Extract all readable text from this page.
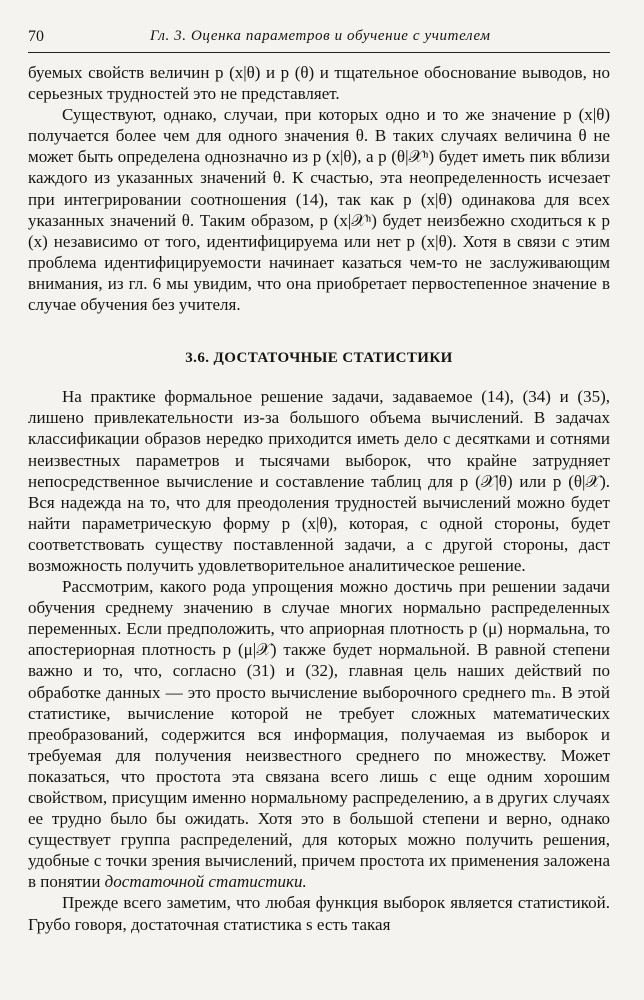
70	Гл. 3. Оценка параметров и обучение с учителем

буемых свойств величин p (x|θ) и p (θ) и тщательное обоснование выводов, но серьезных трудностей это не представляет.

Существуют, однако, случаи, при которых одно и то же значение p (x|θ) получается более чем для одного значения θ. В таких случаях величина θ не может быть определена однозначно из p (x|θ), а p (θ|𝒳ⁿ) будет иметь пик вблизи каждого из указанных значений θ. К счастью, эта неопределенность исчезает при интегрировании соотношения (14), так как p (x|θ) одинакова для всех указанных значений θ. Таким образом, p (x|𝒳ⁿ) будет неизбежно сходиться к p (x) независимо от того, идентифицируема или нет p (x|θ). Хотя в связи с этим проблема идентифицируемости начинает казаться чем-то не заслуживающим внимания, из гл. 6 мы увидим, что она приобретает первостепенное значение в случае обучения без учителя.

3.6. ДОСТАТОЧНЫЕ СТАТИСТИКИ

На практике формальное решение задачи, задаваемое (14), (34) и (35), лишено привлекательности из-за большого объема вычислений. В задачах классификации образов нередко приходится иметь дело с десятками и сотнями неизвестных параметров и тысячами выборок, что крайне затрудняет непосредственное вычисление и составление таблиц для p (𝒳|θ) или p (θ|𝒳). Вся надежда на то, что для преодоления трудностей вычислений можно будет найти параметрическую форму p (x|θ), которая, с одной стороны, будет соответствовать существу поставленной задачи, а с другой стороны, даст возможность получить удовлетворительное аналитическое решение.

Рассмотрим, какого рода упрощения можно достичь при решении задачи обучения среднему значению в случае многих нормально распределенных переменных. Если предположить, что априорная плотность p (μ) нормальна, то апостериорная плотность p (μ|𝒳) также будет нормальной. В равной степени важно и то, что, согласно (31) и (32), главная цель наших действий по обработке данных — это просто вычисление выборочного среднего mₙ. В этой статистике, вычисление которой не требует сложных математических преобразований, содержится вся информация, получаемая из выборок и требуемая для получения неизвестного среднего по множеству. Может показаться, что простота эта связана всего лишь с еще одним хорошим свойством, присущим именно нормальному распределению, а в других случаях ее трудно было бы ожидать. Хотя это в большой степени и верно, однако существует группа распределений, для которых можно получить решения, удобные с точки зрения вычислений, причем простота их применения заложена в понятии достаточной статистики.

Прежде всего заметим, что любая функция выборок является статистикой. Грубо говоря, достаточная статистика s есть такая
